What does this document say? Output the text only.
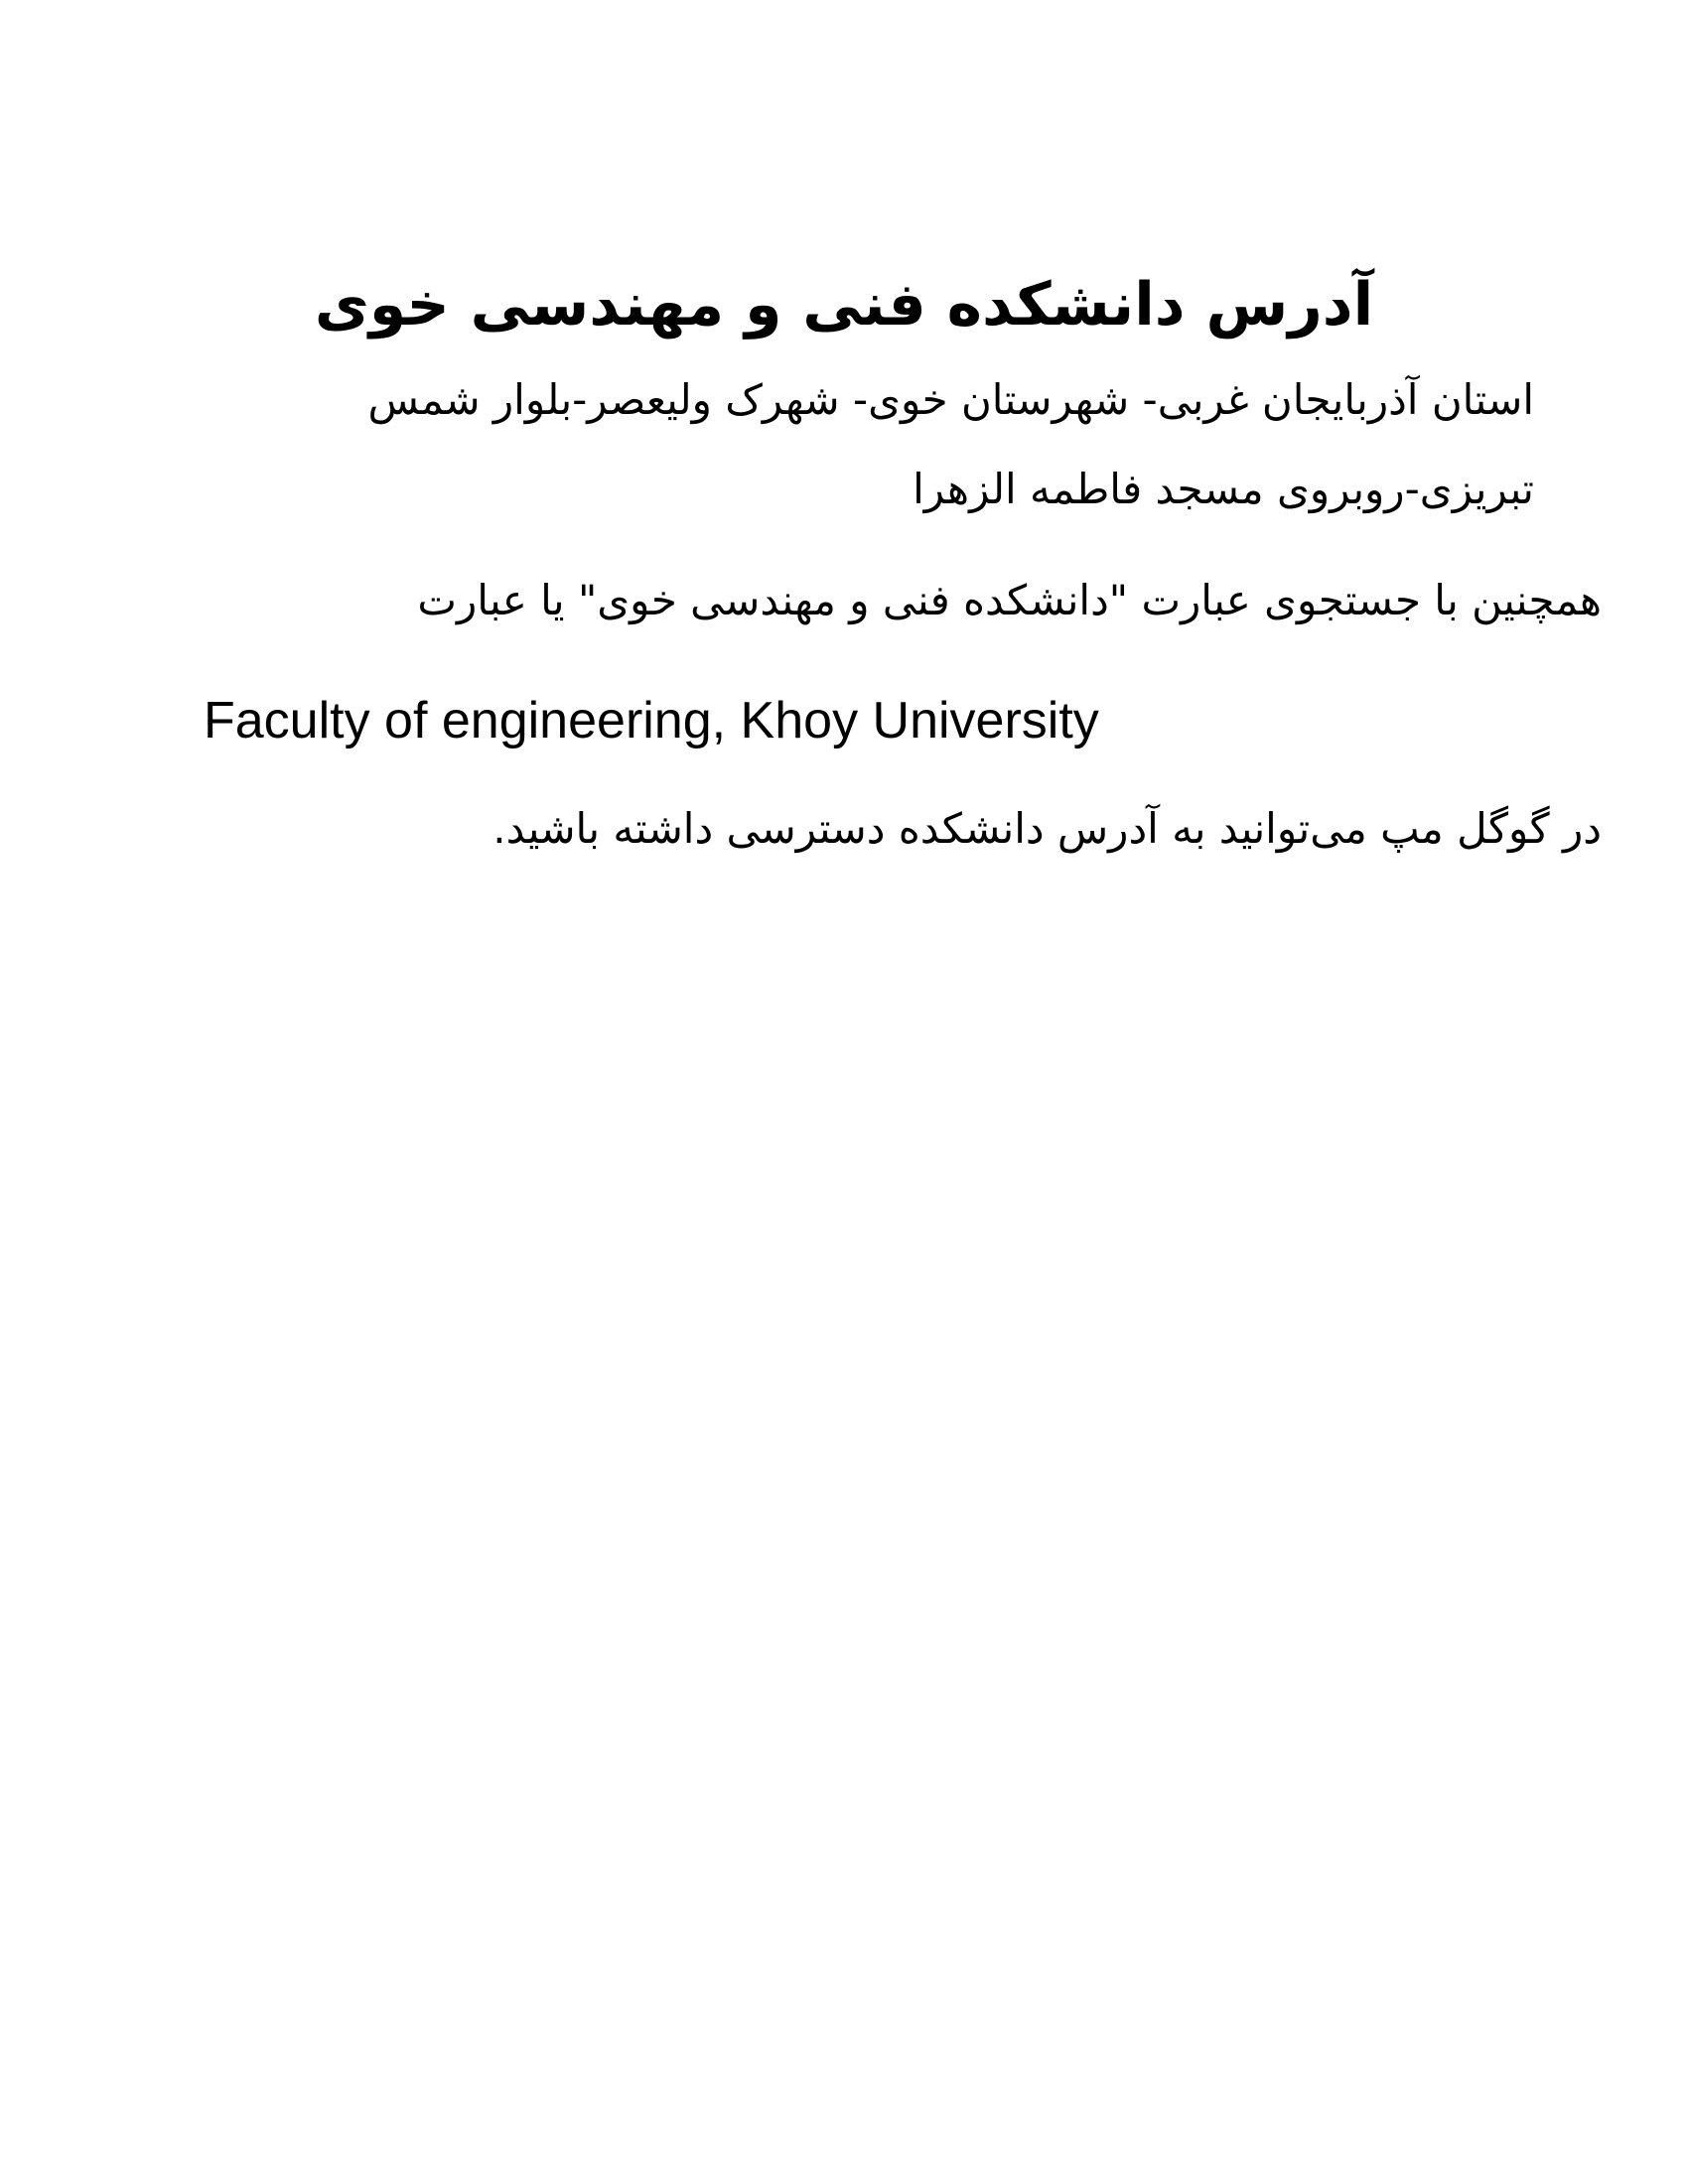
آدرس دانشکده فنی و مهندسی خوی
استان آذربایجان غربی- شهرستان خوی- شهرک ولیعصر-بلوار شمس
تبریزی-روبروی مسجد فاطمه الزهرا
همچنین با جستجوی عبارت "دانشکده فنی و مهندسی خوی" یا عبارت
Faculty of engineering, Khoy University
در گوگل مپ می‌توانید به آدرس دانشکده دسترسی داشته باشید.
